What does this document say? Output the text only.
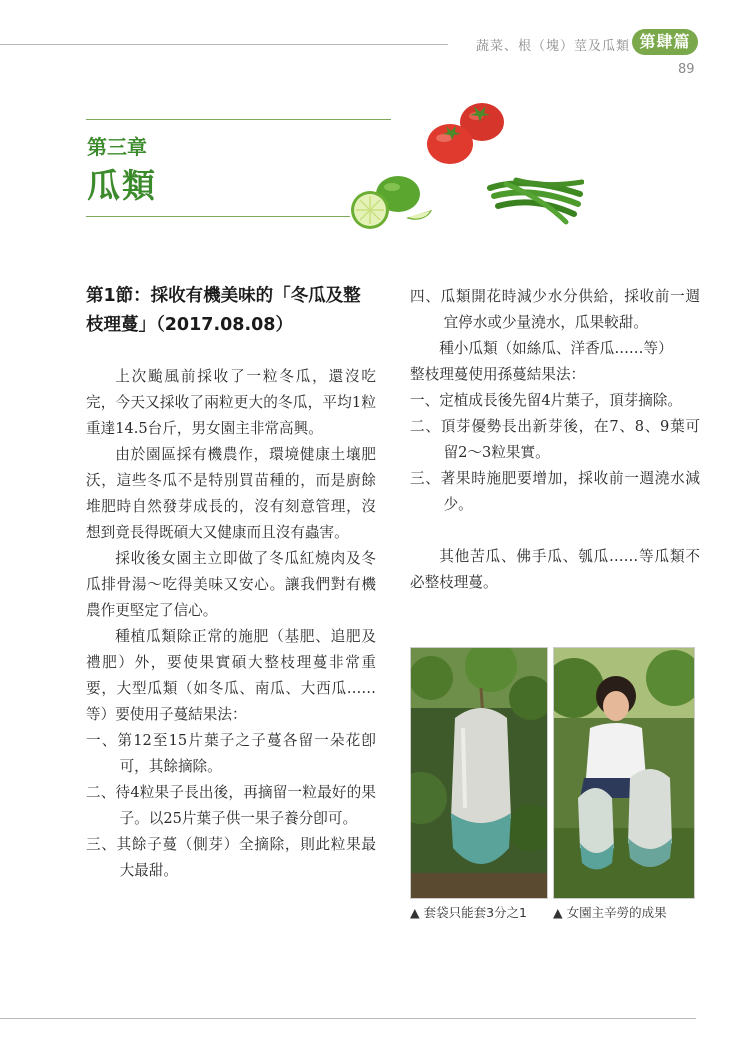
蔬菜、根（塊）莖及瓜類 第肆篇
89
第三章
瓜類
第1節：採收有機美味的「冬瓜及整枝理蔓」（2017.08.08）

上次颱風前採收了一粒冬瓜，還沒吃完，今天又採收了兩粒更大的冬瓜，平均1粒重達14.5台斤，男女園主非常高興。

由於園區採有機農作，環境健康土壤肥沃，這些冬瓜不是特別買苗種的，而是廚餘堆肥時自然發芽成長的，沒有刻意管理，沒想到竟長得既碩大又健康而且沒有蟲害。

採收後女園主立即做了冬瓜紅燒肉及冬瓜排骨湯～吃得美味又安心。讓我們對有機農作更堅定了信心。

種植瓜類除正常的施肥（基肥、追肥及禮肥）外，要使果實碩大整枝理蔓非常重要，大型瓜類（如冬瓜、南瓜、大西瓜……等）要使用子蔓結果法：

一、第12至15片葉子之子蔓各留一朵花卽可，其餘摘除。

二、待4粒果子長出後，再摘留一粒最好的果子。以25片葉子供一果子養分卽可。

三、其餘子蔓（側芽）全摘除，則此粒果最大最甜。

四、瓜類開花時減少水分供給，採收前一週宜停水或少量澆水，瓜果較甜。

種小瓜類（如絲瓜、洋香瓜……等）

整枝理蔓使用孫蔓結果法：

一、定植成長後先留4片葉子，頂芽摘除。

二、頂芽優勢長出新芽後，在7、8、9葉可留2～3粒果實。

三、著果時施肥要增加，採收前一週澆水減少。

其他苦瓜、佛手瓜、瓠瓜……等瓜類不必整枝理蔓。

▲ 套袋只能套3分之1 ▲ 女園主辛勞的成果
